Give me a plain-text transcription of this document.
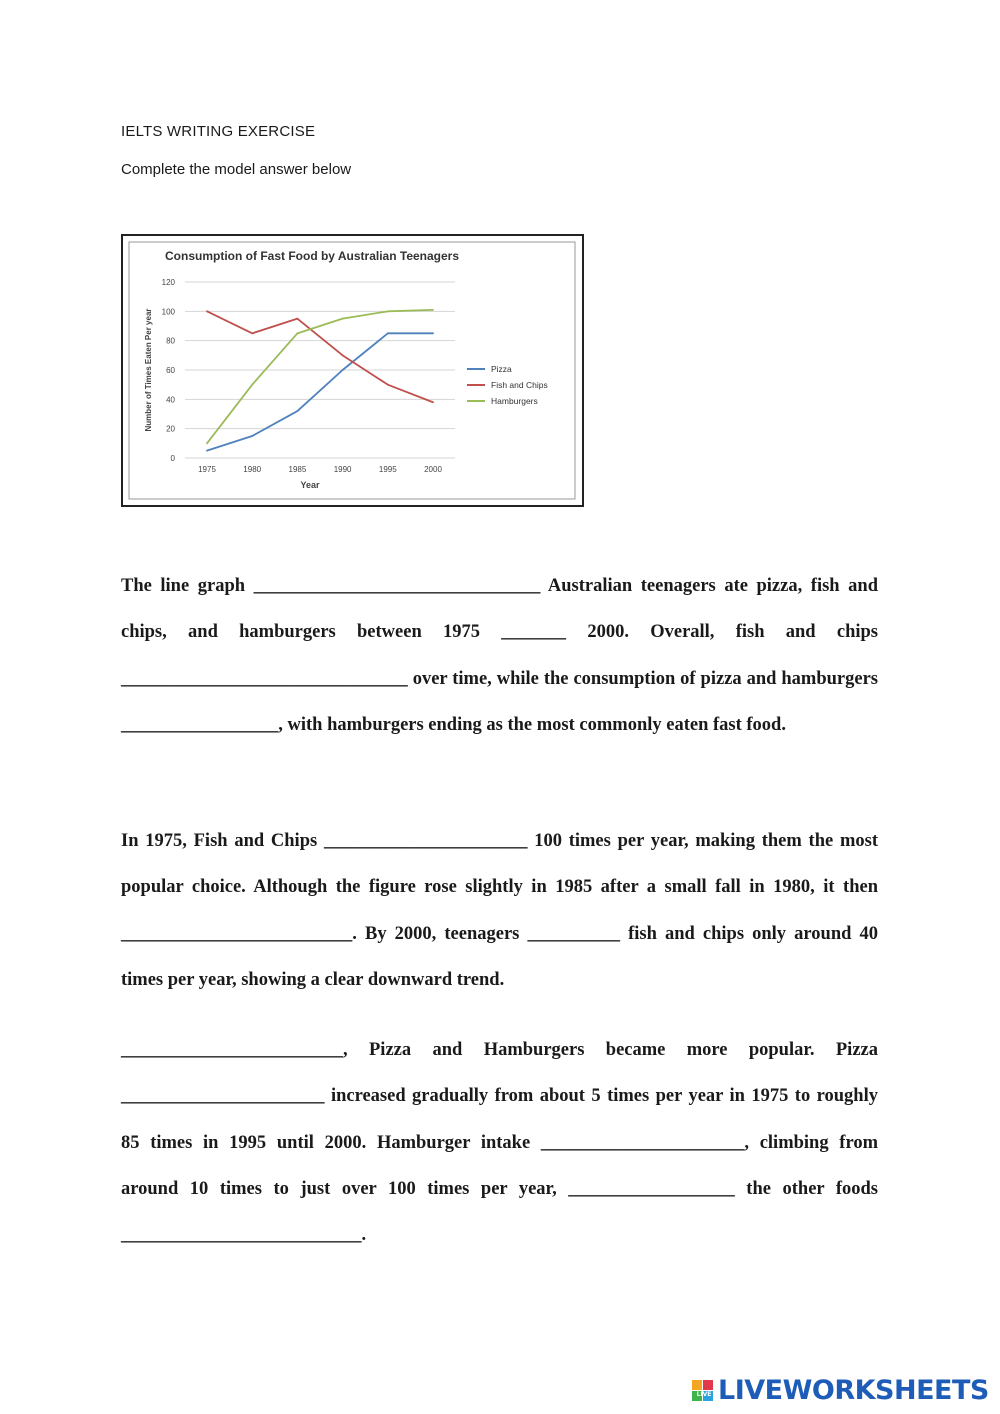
IELTS WRITING EXERCISE
Complete the model answer below
Consumption of Fast Food by Australian Teenagers
0
20
40
60
80
100
120
1975	1980	1985	1990	1995	2000
Year
Number of Times Eaten Per year	Pizza
Fish and Chips
Hamburgers

The line graph _______________________________ Australian teenagers ate pizza, fish and chips, and hamburgers between 1975 _______ 2000. Overall, fish and chips _______________________________ over time, while the consumption of pizza and hamburgers _________________, with hamburgers ending as the most commonly eaten fast food.

In 1975, Fish and Chips ______________________ 100 times per year, making them the most popular choice. Although the figure rose slightly in 1985 after a small fall in 1980, it then _________________________. By 2000, teenagers __________ fish and chips only around 40 times per year, showing a clear downward trend.

________________________, Pizza and Hamburgers became more popular. Pizza ______________________ increased gradually from about 5 times per year in 1975 to roughly 85 times in 1995 until 2000. Hamburger intake ______________________, climbing from around 10 times to just over 100 times per year, __________________ the other foods __________________________.

LIVE LIVEWORKSHEETS
